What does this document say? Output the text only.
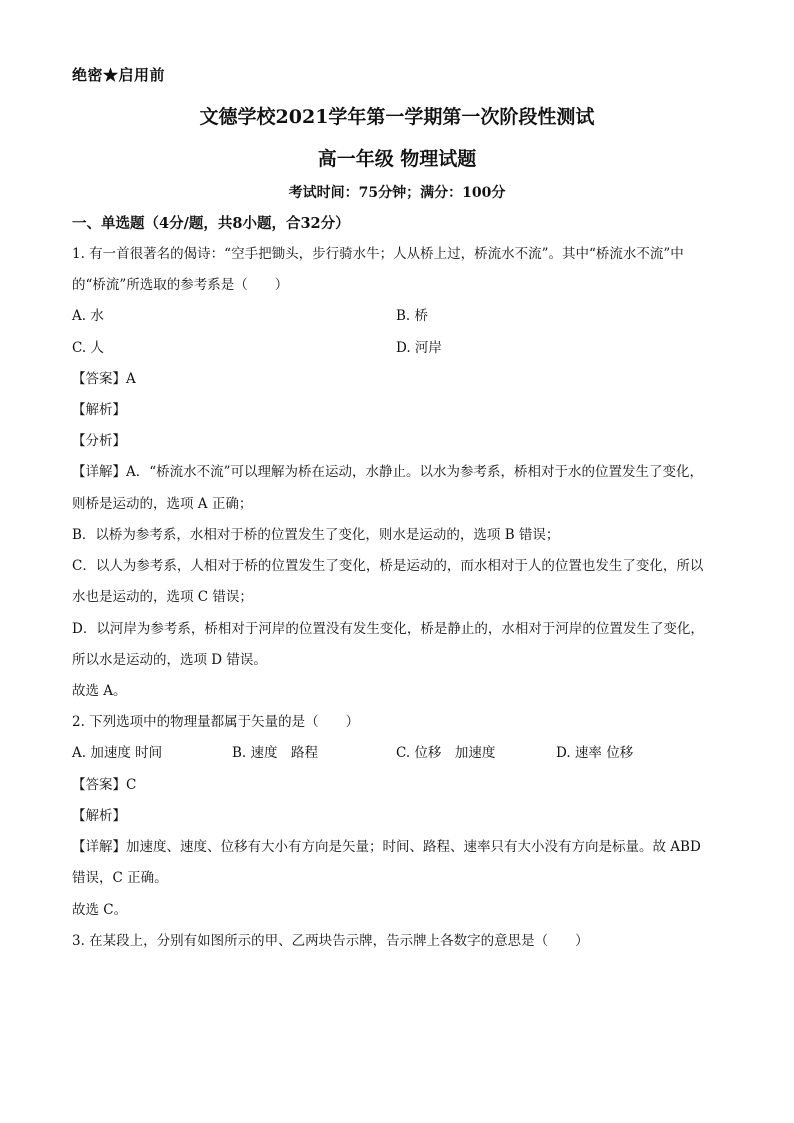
绝密★启用前
文德学校2021学年第一学期第一次阶段性测试
高一年级 物理试题
考试时间：75分钟；满分：100分
一、单选题（4分/题，共8小题，合32分）
1. 有一首很著名的偈诗：“空手把锄头，步行骑水牛；人从桥上过，桥流水不流”。其中“桥流水不流”中
的“桥流”所选取的参考系是（　　）
A. 水	B. 桥
C. 人	D. 河岸
【答案】A
【解析】
【分析】
【详解】A．“桥流水不流”可以理解为桥在运动，水静止。以水为参考系，桥相对于水的位置发生了变化，
则桥是运动的，选项 A 正确；
B．以桥为参考系，水相对于桥的位置发生了变化，则水是运动的，选项 B 错误；
C．以人为参考系，人相对于桥的位置发生了变化，桥是运动的，而水相对于人的位置也发生了变化，所以
水也是运动的，选项 C 错误；
D．以河岸为参考系，桥相对于河岸的位置没有发生变化，桥是静止的，水相对于河岸的位置发生了变化，
所以水是运动的，选项 D 错误。
故选 A。
2. 下列选项中的物理量都属于矢量的是（　　）
A. 加速度 时间	B. 速度　路程	C. 位移　加速度	D. 速率 位移
【答案】C
【解析】
【详解】加速度、速度、位移有大小有方向是矢量；时间、路程、速率只有大小没有方向是标量。故 ABD
错误，C 正确。
故选 C。
3. 在某段上，分别有如图所示的甲、乙两块告示牌，告示牌上各数字的意思是（　　）
